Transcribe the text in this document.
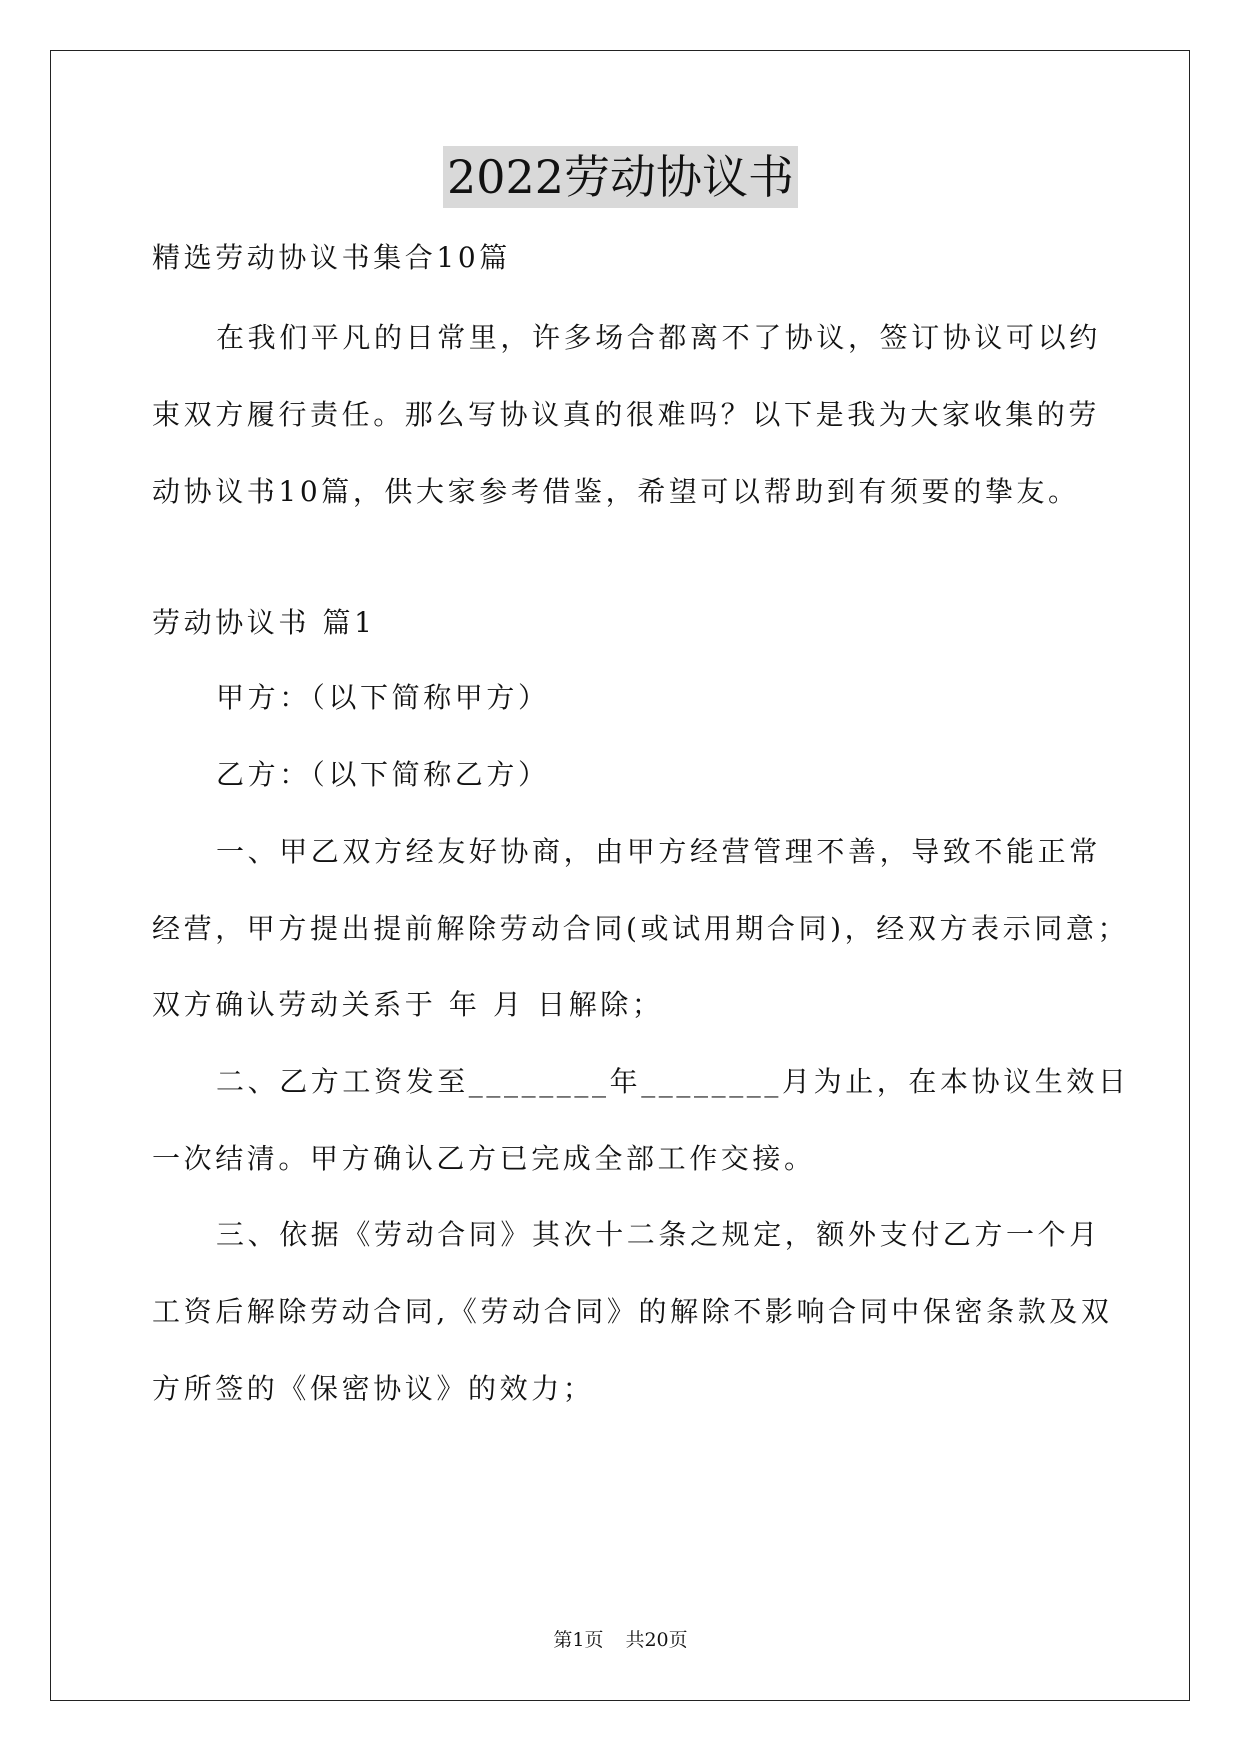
2022劳动协议书
精选劳动协议书集合10篇
在我们平凡的日常里，许多场合都离不了协议，签订协议可以约
束双方履行责任。那么写协议真的很难吗？以下是我为大家收集的劳
动协议书10篇，供大家参考借鉴，希望可以帮助到有须要的挚友。
劳动协议书 篇1
甲方：（以下简称甲方）
乙方：（以下简称乙方）
一、甲乙双方经友好协商，由甲方经营管理不善，导致不能正常
经营，甲方提出提前解除劳动合同(或试用期合同)，经双方表示同意；
双方确认劳动关系于 年 月 日解除；
二、乙方工资发至________年________月为止，在本协议生效日
一次结清。甲方确认乙方已完成全部工作交接。
三、依据《劳动合同》其次十二条之规定，额外支付乙方一个月
工资后解除劳动合同,《劳动合同》的解除不影响合同中保密条款及双
方所签的《保密协议》的效力；
第1页 共20页
